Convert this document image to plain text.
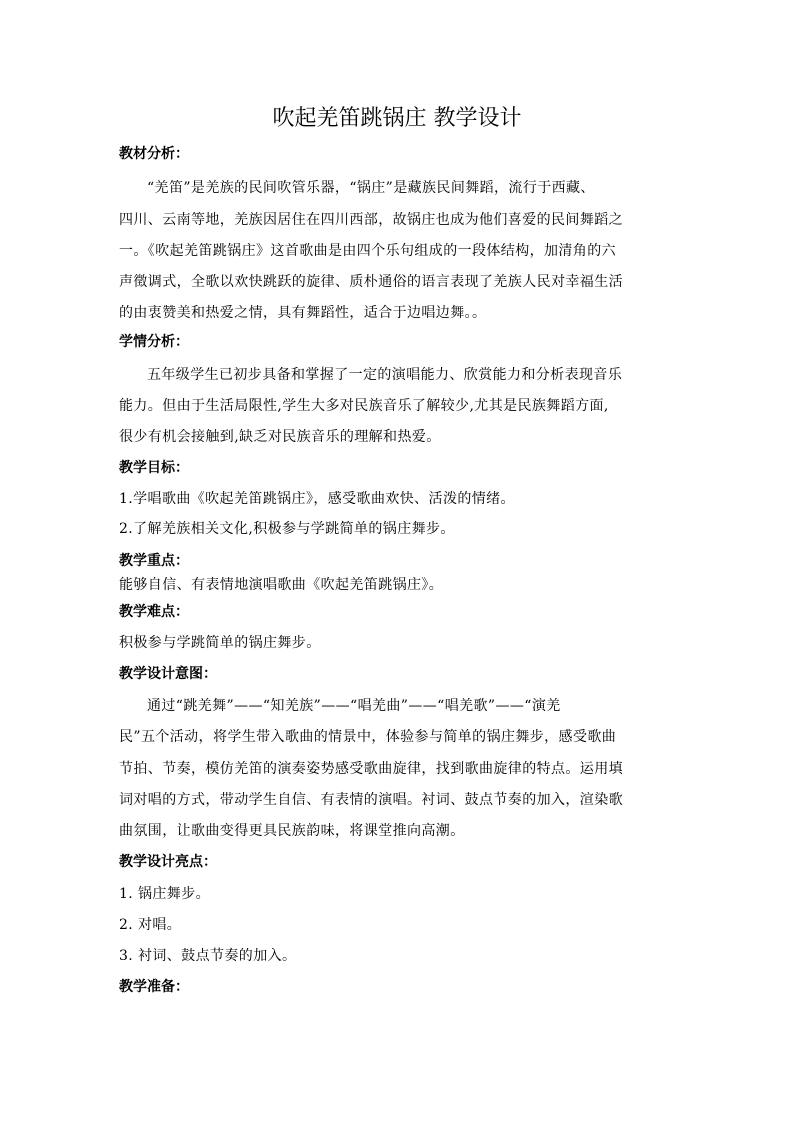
吹起羌笛跳锅庄 教学设计
教材分析：
“羌笛”是羌族的民间吹管乐器，“锅庄”是藏族民间舞蹈，流行于西藏、
四川、云南等地，羌族因居住在四川西部，故锅庄也成为他们喜爱的民间舞蹈之
一。《吹起羌笛跳锅庄》这首歌曲是由四个乐句组成的一段体结构，加清角的六
声徵调式，全歌以欢快跳跃的旋律、质朴通俗的语言表现了羌族人民对幸福生活
的由衷赞美和热爱之情，具有舞蹈性，适合于边唱边舞。。
学情分析：
五年级学生已初步具备和掌握了一定的演唱能力、欣赏能力和分析表现音乐
能力。但由于生活局限性,学生大多对民族音乐了解较少,尤其是民族舞蹈方面,
很少有机会接触到,缺乏对民族音乐的理解和热爱。
教学目标：
1.学唱歌曲《吹起羌笛跳锅庄》，感受歌曲欢快、活泼的情绪。
2.了解羌族相关文化,积极参与学跳简单的锅庄舞步。
教学重点：
能够自信、有表情地演唱歌曲《吹起羌笛跳锅庄》。
教学难点：
积极参与学跳简单的锅庄舞步。
教学设计意图：
通过“跳羌舞”——“知羌族”——“唱羌曲”——“唱羌歌”——“演羌
民”五个活动，将学生带入歌曲的情景中，体验参与简单的锅庄舞步，感受歌曲
节拍、节奏，模仿羌笛的演奏姿势感受歌曲旋律，找到歌曲旋律的特点。运用填
词对唱的方式，带动学生自信、有表情的演唱。衬词、鼓点节奏的加入，渲染歌
曲氛围，让歌曲变得更具民族韵味，将课堂推向高潮。
教学设计亮点：
1. 锅庄舞步。
2. 对唱。
3. 衬词、鼓点节奏的加入。
教学准备：
